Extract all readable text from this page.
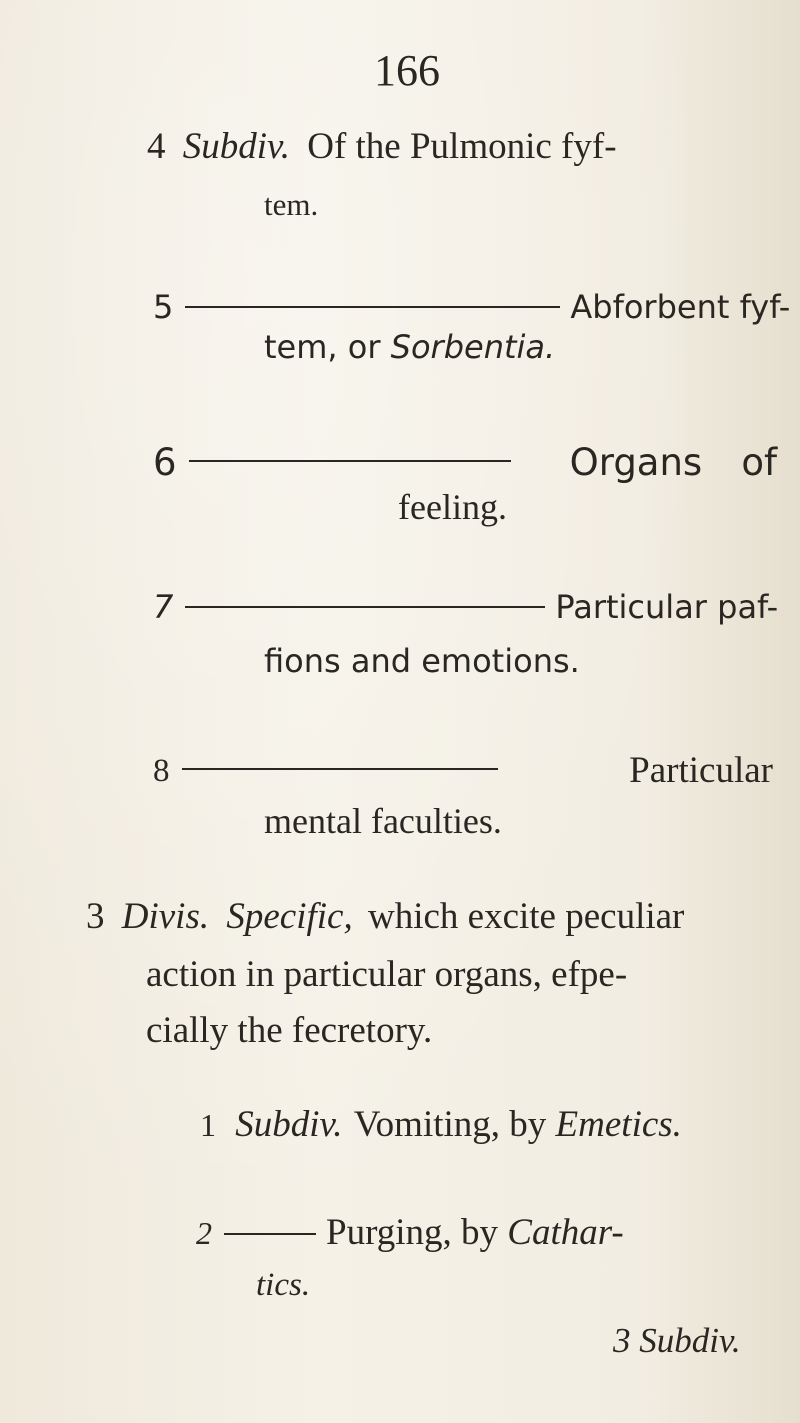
166
4 Subdiv. Of the Pulmonic fyf-
tem.
5	Abforbent fyf-
tem, or Sorbentia.
6	Organs of
feeling.
7	Particular paf-
fions and emotions.
8	Particular
mental faculties.
3 Divis. Specific, which excite peculiar
action in particular organs, efpe-
cially the fecretory.
1 Subdiv. Vomiting, by Emetics.
2	Purging, by Cathar-
tics.
3 Subdiv.
